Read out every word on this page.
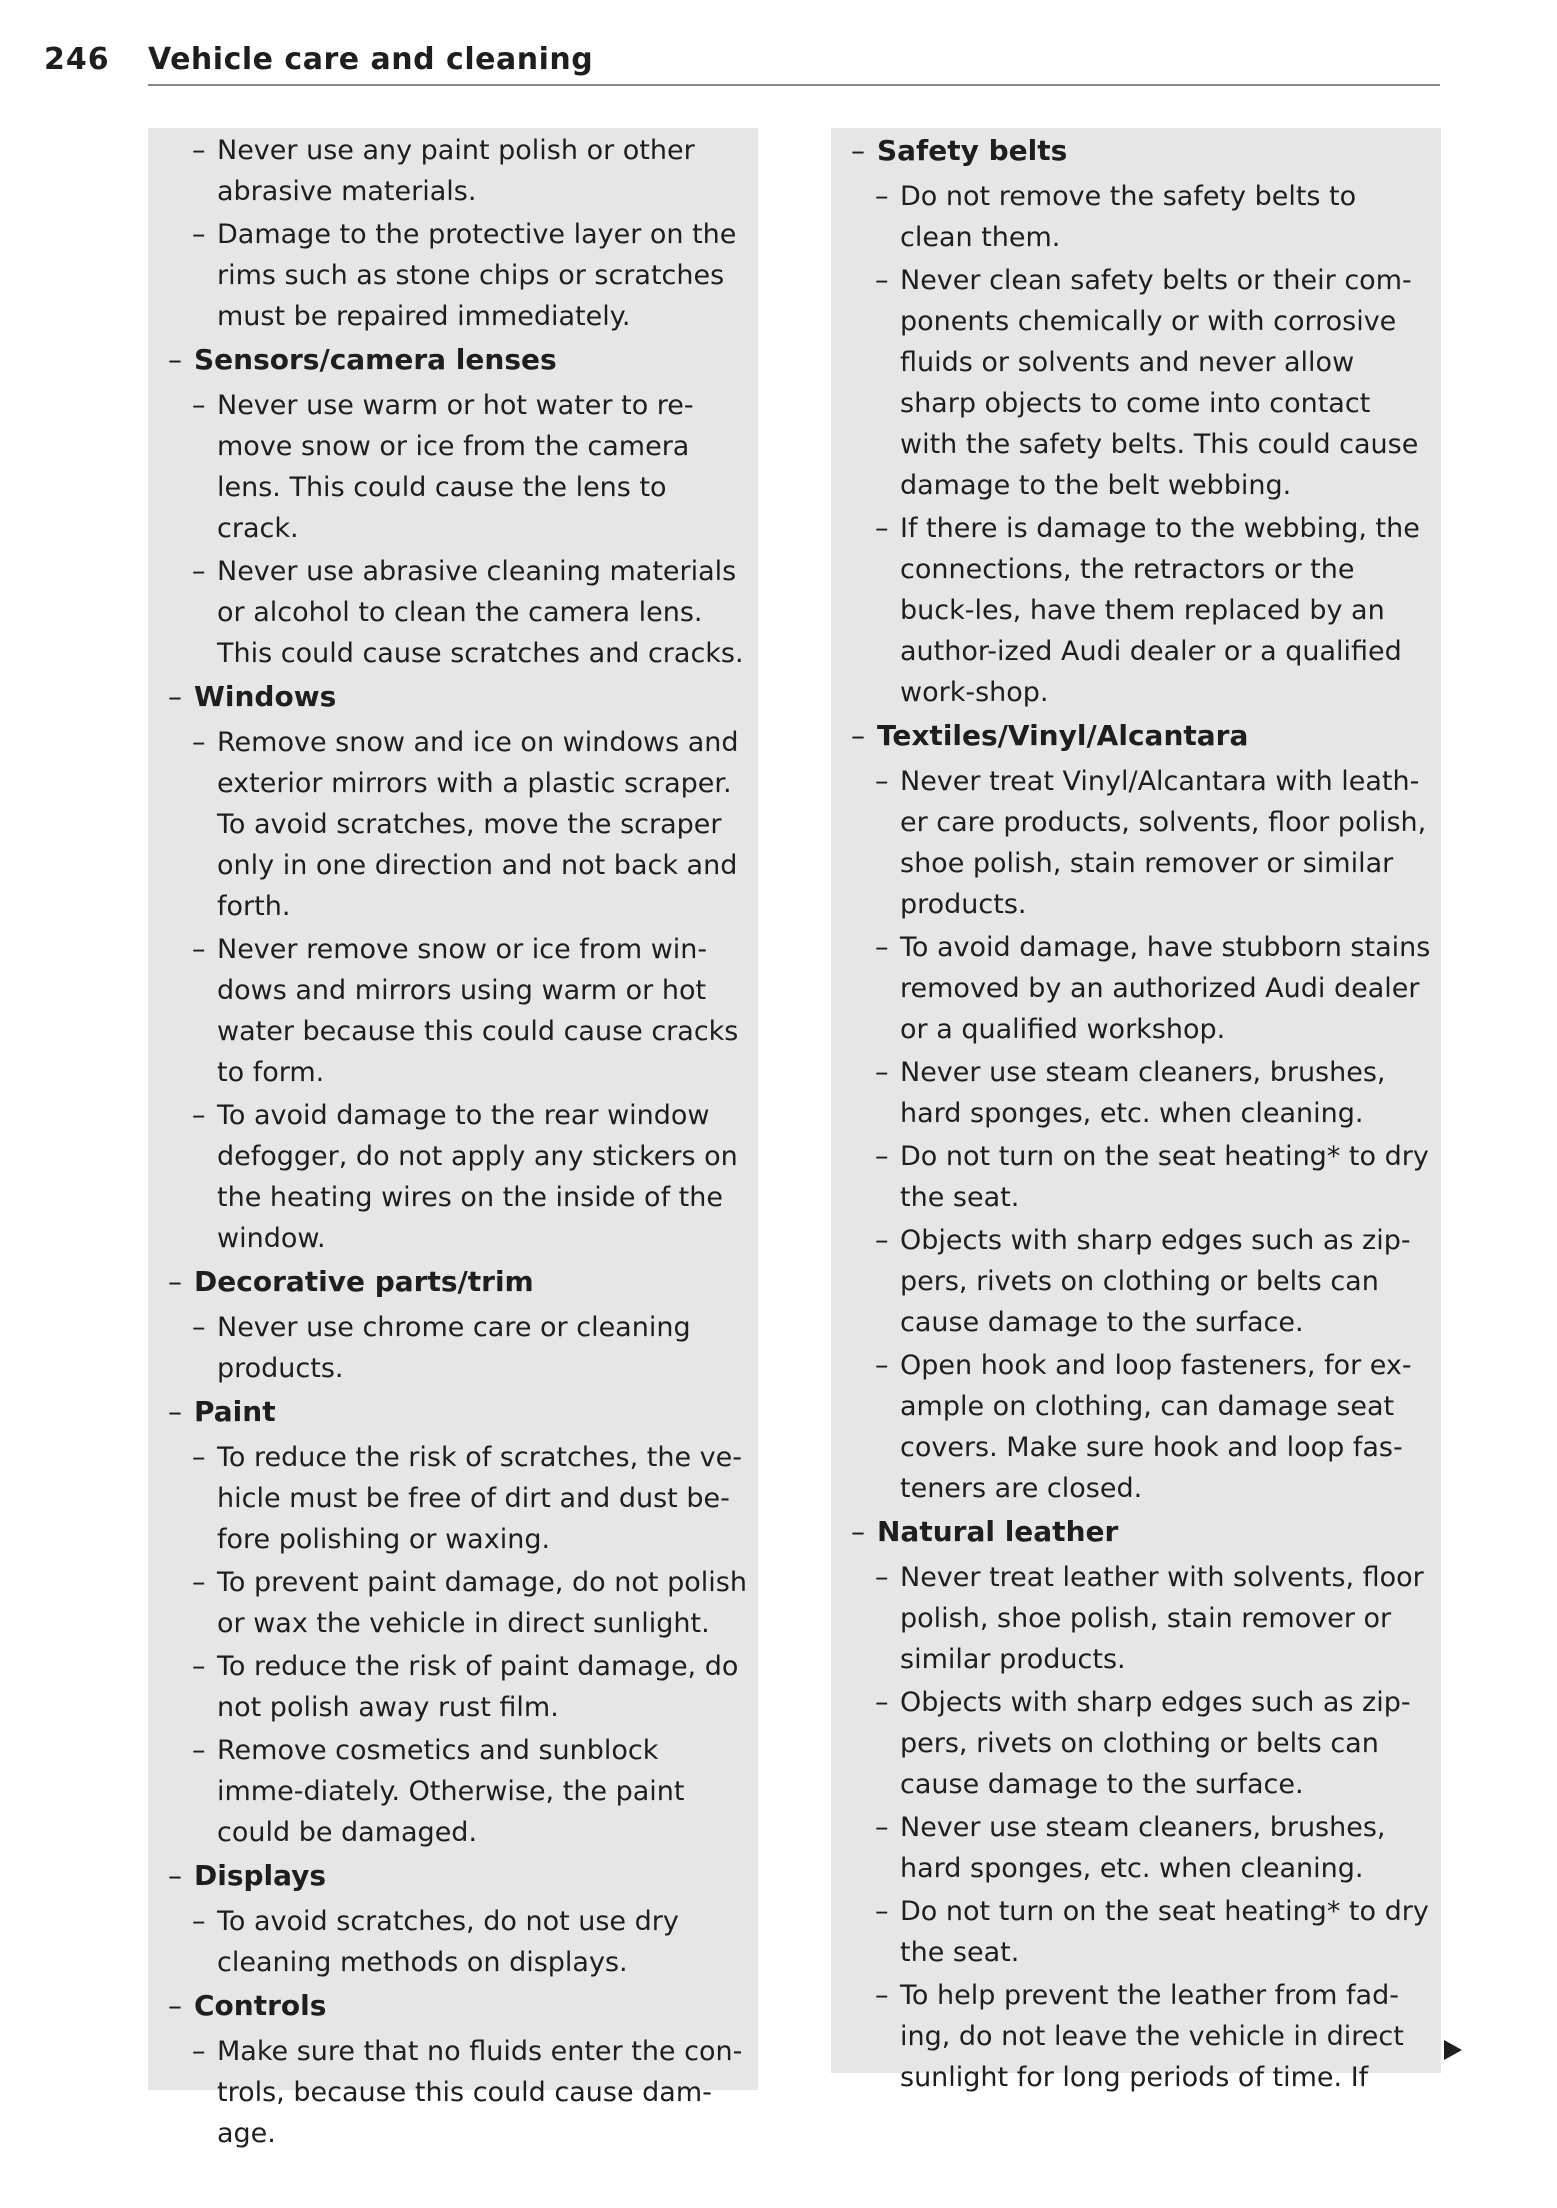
246 Vehicle care and cleaning
– Never use any paint polish or other abrasive materials.
– Damage to the protective layer on the rims such as stone chips or scratches must be repaired immediately.
– Sensors/camera lenses
– Never use warm or hot water to re-move snow or ice from the camera lens. This could cause the lens to crack.
– Never use abrasive cleaning materials or alcohol to clean the camera lens. This could cause scratches and cracks.
– Windows
– Remove snow and ice on windows and exterior mirrors with a plastic scraper. To avoid scratches, move the scraper only in one direction and not back and forth.
– Never remove snow or ice from win-dows and mirrors using warm or hot water because this could cause cracks to form.
– To avoid damage to the rear window defogger, do not apply any stickers on the heating wires on the inside of the window.
– Decorative parts/trim
– Never use chrome care or cleaning products.
– Paint
– To reduce the risk of scratches, the ve-hicle must be free of dirt and dust be-fore polishing or waxing.
– To prevent paint damage, do not polish or wax the vehicle in direct sunlight.
– To reduce the risk of paint damage, do not polish away rust film.
– Remove cosmetics and sunblock imme-diately. Otherwise, the paint could be damaged.
– Displays
– To avoid scratches, do not use dry cleaning methods on displays.
– Controls
– Make sure that no fluids enter the con-trols, because this could cause dam-age.
– Safety belts
– Do not remove the safety belts to clean them.
– Never clean safety belts or their com-ponents chemically or with corrosive fluids or solvents and never allow sharp objects to come into contact with the safety belts. This could cause damage to the belt webbing.
– If there is damage to the webbing, the connections, the retractors or the buck-les, have them replaced by an author-ized Audi dealer or a qualified work-shop.
– Textiles/Vinyl/Alcantara
– Never treat Vinyl/Alcantara with leath-er care products, solvents, floor polish, shoe polish, stain remover or similar products.
– To avoid damage, have stubborn stains removed by an authorized Audi dealer or a qualified workshop.
– Never use steam cleaners, brushes, hard sponges, etc. when cleaning.
– Do not turn on the seat heating* to dry the seat.
– Objects with sharp edges such as zip-pers, rivets on clothing or belts can cause damage to the surface.
– Open hook and loop fasteners, for ex-ample on clothing, can damage seat covers. Make sure hook and loop fas-teners are closed.
– Natural leather
– Never treat leather with solvents, floor polish, shoe polish, stain remover or similar products.
– Objects with sharp edges such as zip-pers, rivets on clothing or belts can cause damage to the surface.
– Never use steam cleaners, brushes, hard sponges, etc. when cleaning.
– Do not turn on the seat heating* to dry the seat.
– To help prevent the leather from fad-ing, do not leave the vehicle in direct sunlight for long periods of time. If
